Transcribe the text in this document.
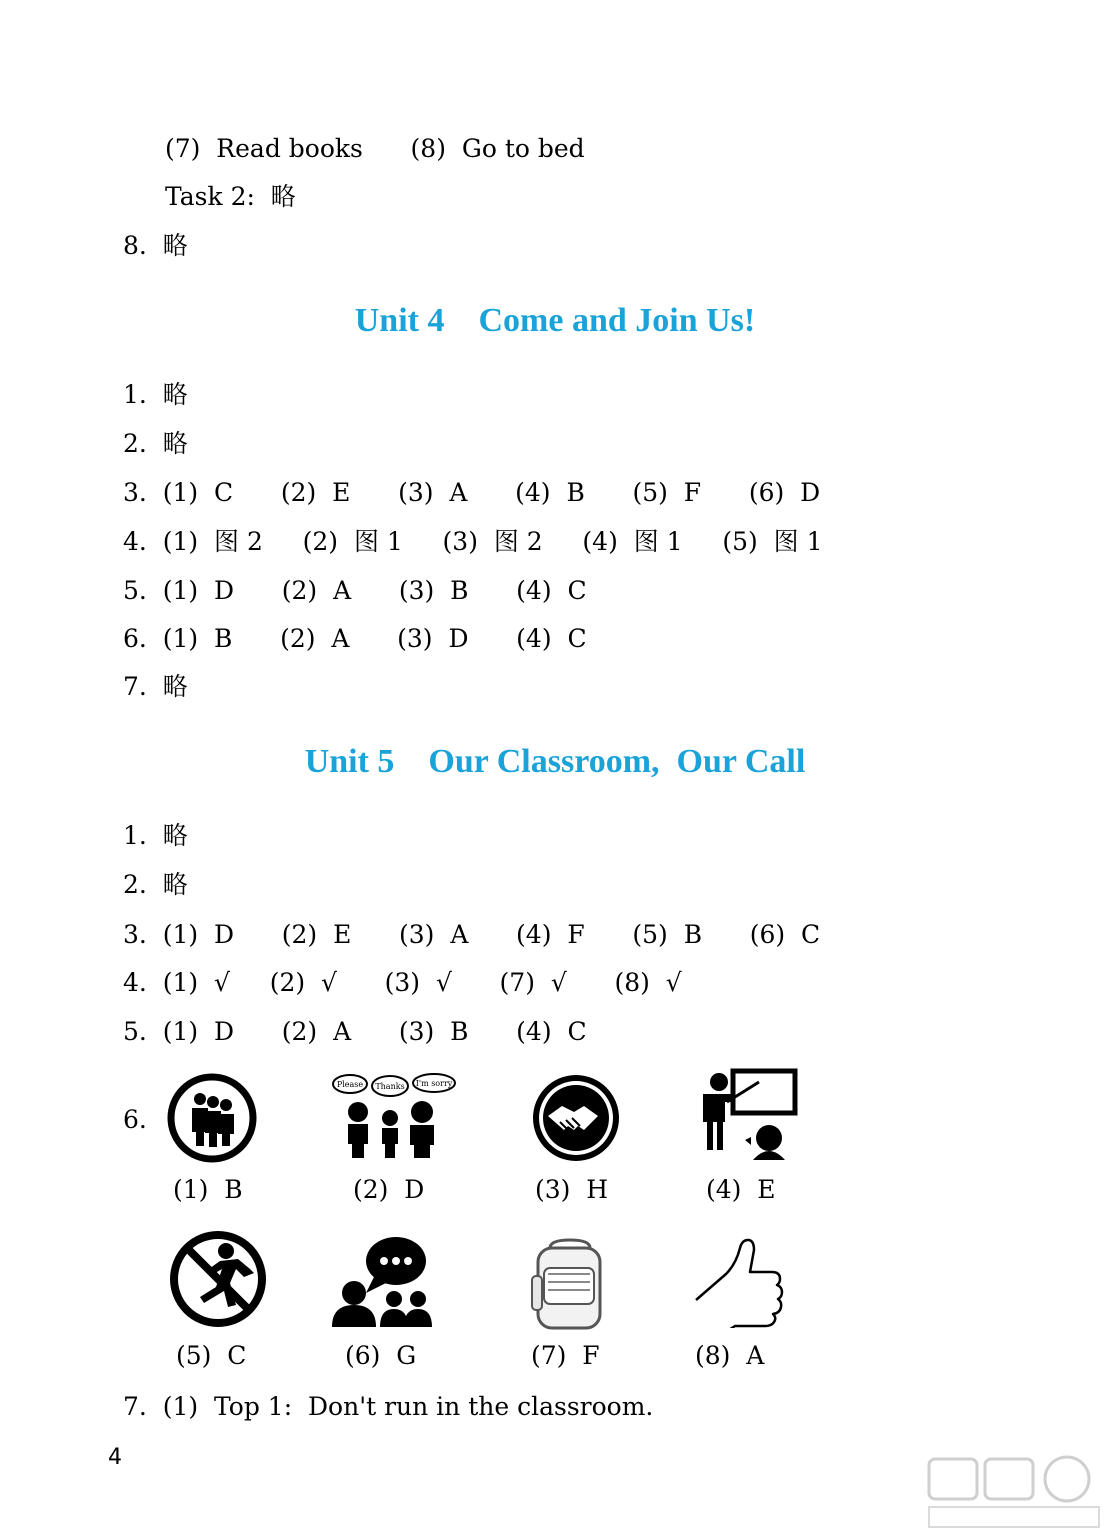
(7)  Read books      (8)  Go to bed
Task 2:  略
8.  略
Unit 4    Come and Join Us!
1.  略
2.  略
3.  (1)  C      (2)  E      (3)  A      (4)  B      (5)  F      (6)  D
4.  (1)  图 2     (2)  图 1     (3)  图 2     (4)  图 1     (5)  图 1
5.  (1)  D      (2)  A      (3)  B      (4)  C
6.  (1)  B      (2)  A      (3)  D      (4)  C
7.  略
Unit 5    Our Classroom,  Our Call
1.  略
2.  略
3.  (1)  D      (2)  E      (3)  A      (4)  F      (5)  B      (6)  C
4.  (1)  √     (2)  √      (3)  √      (7)  √      (8)  √
5.  (1)  D      (2)  A      (3)  B      (4)  C
6.
Please Thanks I'm sorry
(1)  B	(2)  D	(3)  H	(4)  E
(5)  C	(6)  G	(7)  F	(8)  A
7.  (1)  Top 1:  Don't run in the classroom.
4
